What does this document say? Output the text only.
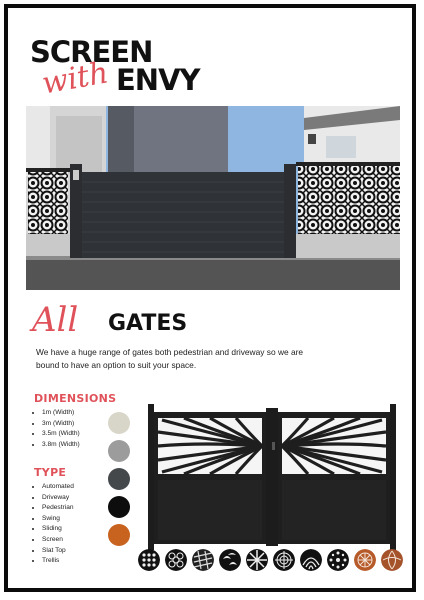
SCREEN
with ENVY
All GATES
We have a huge range of gates both pedestrian and driveway so we are bound to have an option to suit your space.
DIMENSIONS
• 1m (Width)
• 3m (Width)
• 3.5m (Width)
• 3.8m (Width)
TYPE
• Automated
• Driveway
• Pedestrian
• Swing
• Sliding
• Screen
• Slat Top
• Trellis
